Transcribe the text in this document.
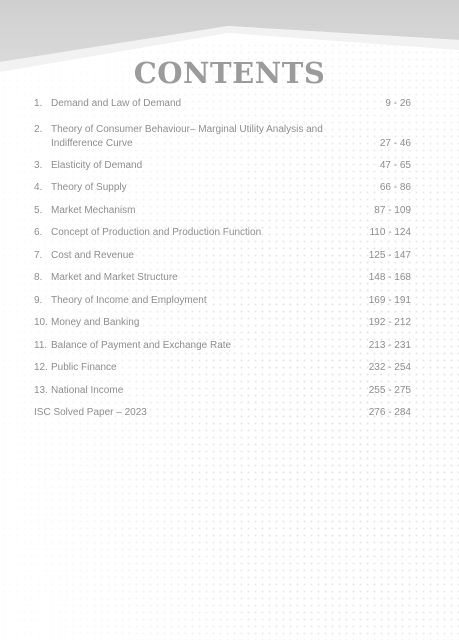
CONTENTS
1. Demand and Law of Demand	9 - 26
2. Theory of Consumer Behaviour– Marginal Utility Analysis and Indifference Curve	27 - 46
3. Elasticity of Demand	47 - 65
4. Theory of Supply	66 - 86
5. Market Mechanism	87 - 109
6. Concept of Production and Production Function	110 - 124
7. Cost and Revenue	125 - 147
8. Market and Market Structure	148 - 168
9. Theory of Income and Employment	169 - 191
10. Money and Banking	192 - 212
11. Balance of Payment and Exchange Rate	213 - 231
12. Public Finance	232 - 254
13. National Income	255 - 275
ISC Solved Paper – 2023	276 - 284
